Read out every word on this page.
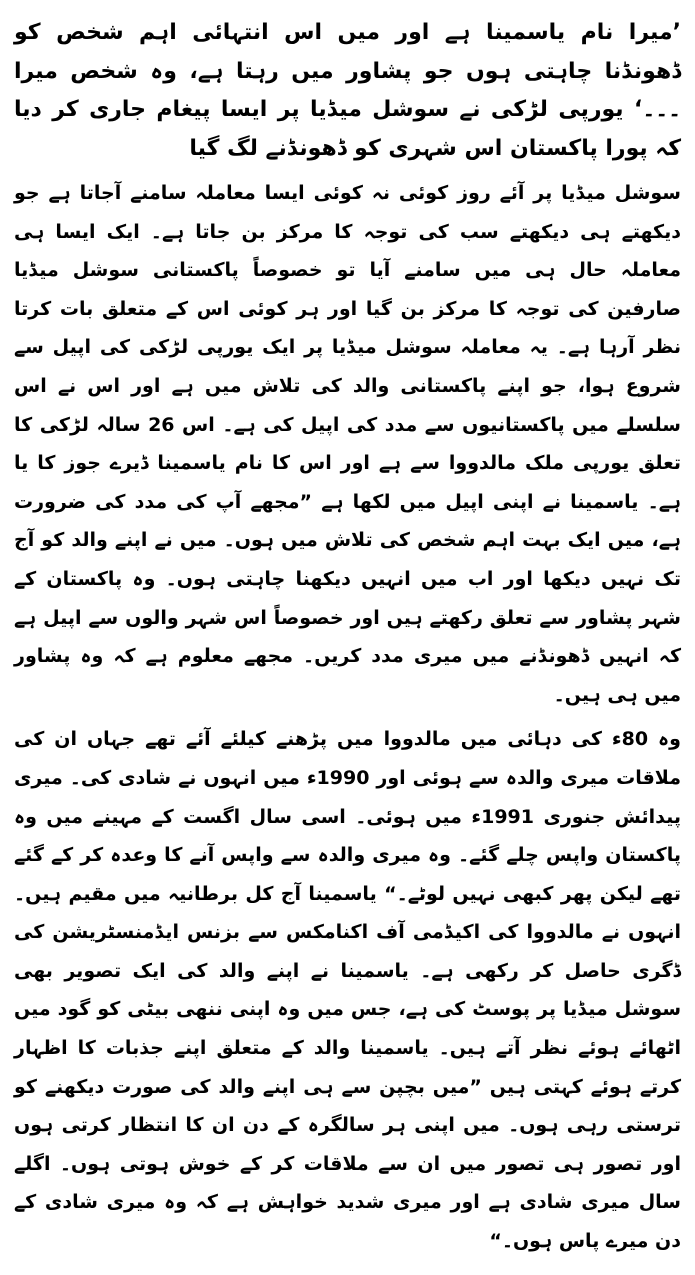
’میرا نام یاسمینا ہے اور میں اس انتہائی اہم شخص کو ڈھونڈنا چاہتی ہوں جو پشاور میں رہتا ہے، وہ شخص میرا ۔۔۔‘ یورپی لڑکی نے سوشل میڈیا پر ایسا پیغام جاری کر دیا کہ پورا پاکستان اس شہری کو ڈھونڈنے لگ گیا

سوشل میڈیا پر آئے روز کوئی نہ کوئی ایسا معاملہ سامنے آجاتا ہے جو دیکھتے ہی دیکھتے سب کی توجہ کا مرکز بن جاتا ہے۔ ایک ایسا ہی معاملہ حال ہی میں سامنے آیا تو خصوصاً پاکستانی سوشل میڈیا صارفین کی توجہ کا مرکز بن گیا اور ہر کوئی اس کے متعلق بات کرتا نظر آرہا ہے۔ یہ معاملہ سوشل میڈیا پر ایک یورپی لڑکی کی اپیل سے شروع ہوا، جو اپنے پاکستانی والد کی تلاش میں ہے اور اس نے اس سلسلے میں پاکستانیوں سے مدد کی اپیل کی ہے۔ اس 26 سالہ لڑکی کا تعلق یورپی ملک مالدووا سے ہے اور اس کا نام یاسمینا ڈیرے جوز کا یا ہے۔ یاسمینا نے اپنی اپیل میں لکھا ہے ”مجھے آپ کی مدد کی ضرورت ہے، میں ایک بہت اہم شخص کی تلاش میں ہوں۔ میں نے اپنے والد کو آج تک نہیں دیکھا اور اب میں انہیں دیکھنا چاہتی ہوں۔ وہ پاکستان کے شہر پشاور سے تعلق رکھتے ہیں اور خصوصاً اس شہر والوں سے اپیل ہے کہ انہیں ڈھونڈنے میں میری مدد کریں۔ مجھے معلوم ہے کہ وہ پشاور میں ہی ہیں۔

وہ 80ء کی دہائی میں مالدووا میں پڑھنے کیلئے آئے تھے جہاں ان کی ملاقات میری والدہ سے ہوئی اور 1990ء میں انہوں نے شادی کی۔ میری پیدائش جنوری 1991ء میں ہوئی۔ اسی سال اگست کے مہینے میں وہ پاکستان واپس چلے گئے۔ وہ میری والدہ سے واپس آنے کا وعدہ کر کے گئے تھے لیکن پھر کبھی نہیں لوٹے۔“ یاسمینا آج کل برطانیہ میں مقیم ہیں۔ انہوں نے مالدووا کی اکیڈمی آف اکنامکس سے بزنس ایڈمنسٹریشن کی ڈگری حاصل کر رکھی ہے۔ یاسمینا نے اپنے والد کی ایک تصویر بھی سوشل میڈیا پر پوسٹ کی ہے، جس میں وہ اپنی ننھی بیٹی کو گود میں اٹھائے ہوئے نظر آتے ہیں۔ یاسمینا والد کے متعلق اپنے جذبات کا اظہار کرتے ہوئے کہتی ہیں ”میں بچپن سے ہی اپنے والد کی صورت دیکھنے کو ترستی رہی ہوں۔ میں اپنی ہر سالگرہ کے دن ان کا انتظار کرتی ہوں اور تصور ہی تصور میں ان سے ملاقات کر کے خوش ہوتی ہوں۔ اگلے سال میری شادی ہے اور میری شدید خواہش ہے کہ وہ میری شادی کے دن میرے پاس ہوں۔“
